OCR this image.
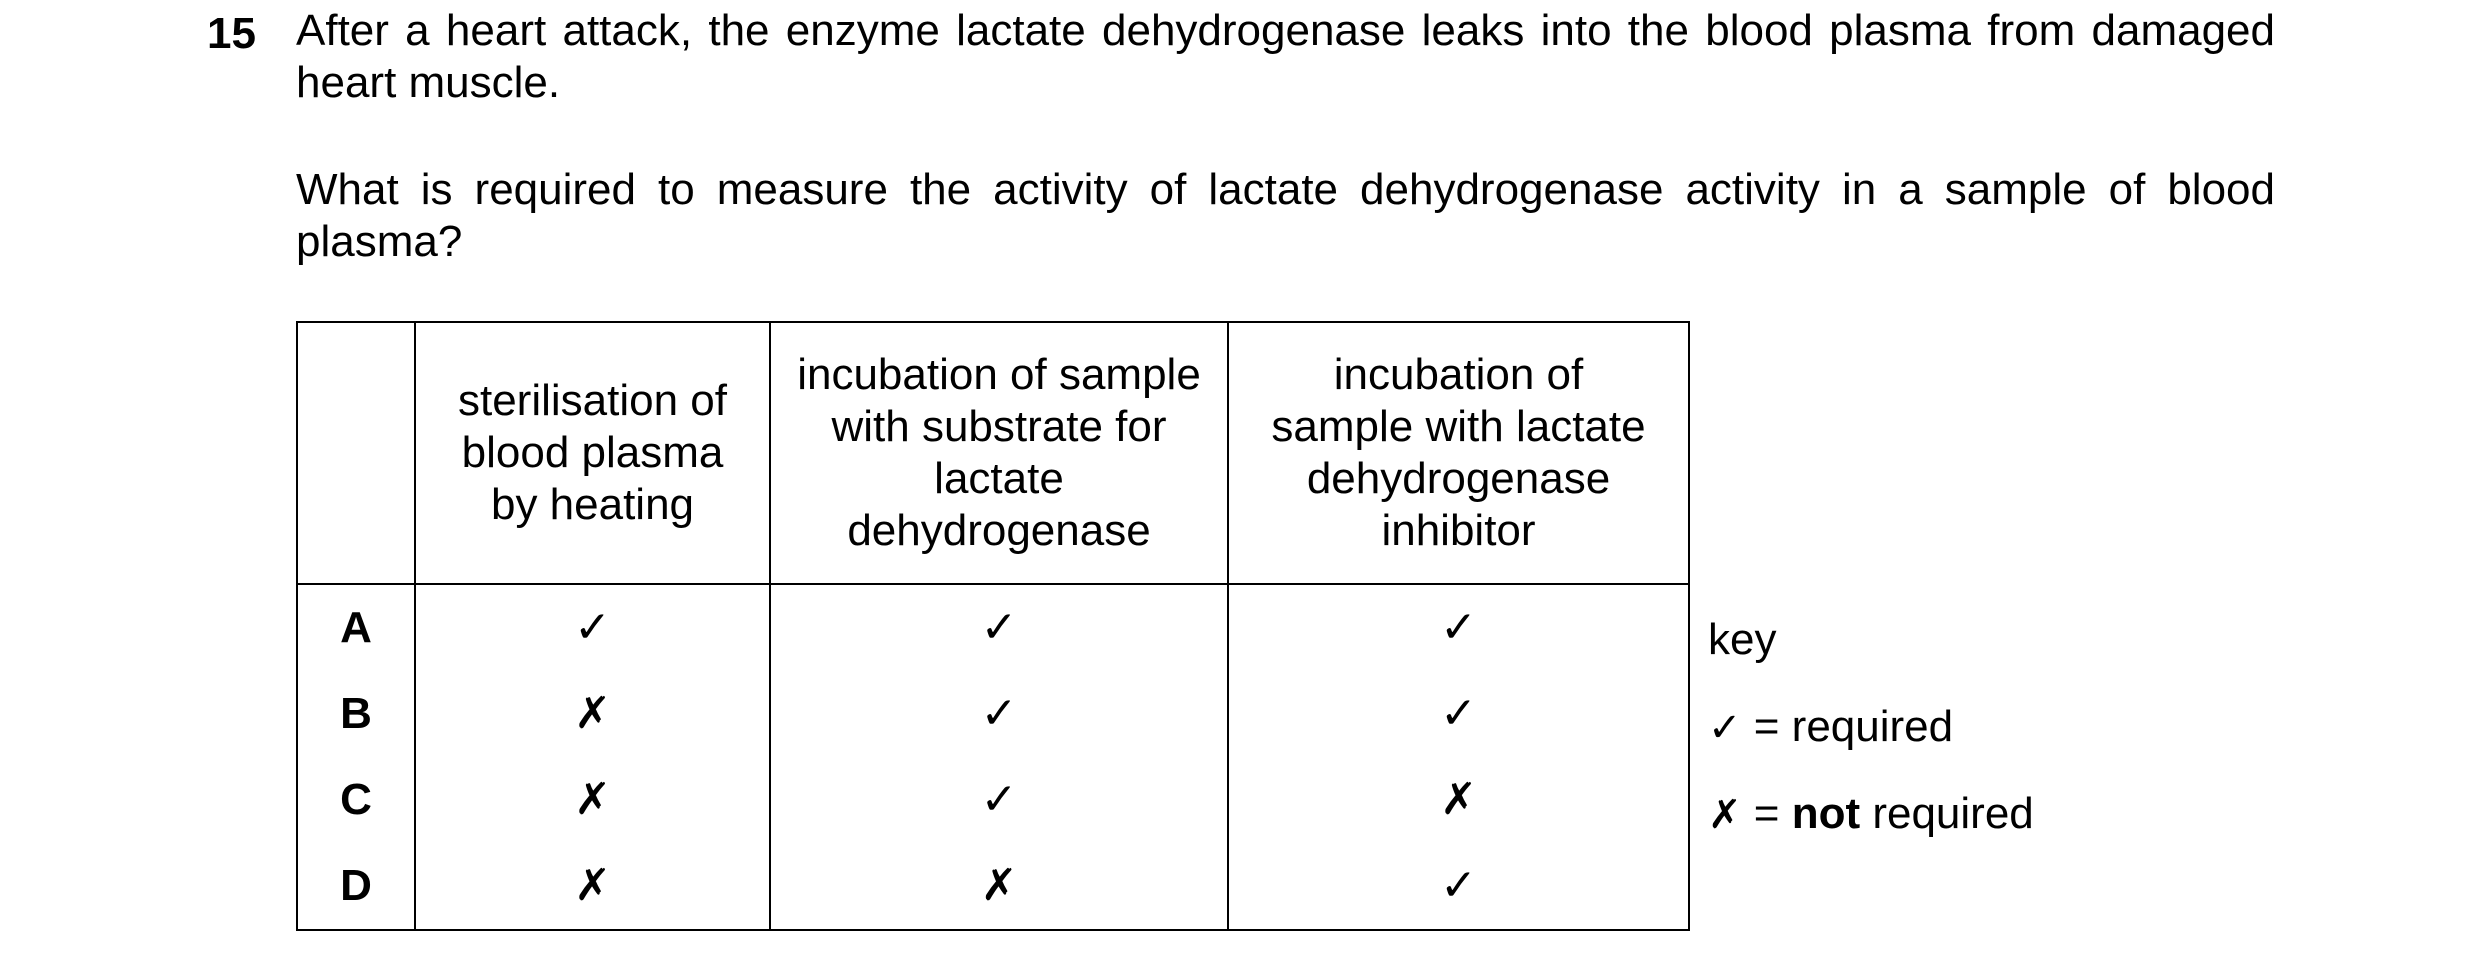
15 After a heart attack, the enzyme lactate dehydrogenase leaks into the blood plasma from damaged heart muscle.

What is required to measure the activity of lactate dehydrogenase activity in a sample of blood plasma?

	sterilisation of blood plasma by heating	incubation of sample with substrate for lactate dehydrogenase	incubation of sample with lactate dehydrogenase inhibitor
A	✓	✓	✓
B	✗	✓	✓
C	✗	✓	✗
D	✗	✗	✓
key
✓ = required
✗ = not required
